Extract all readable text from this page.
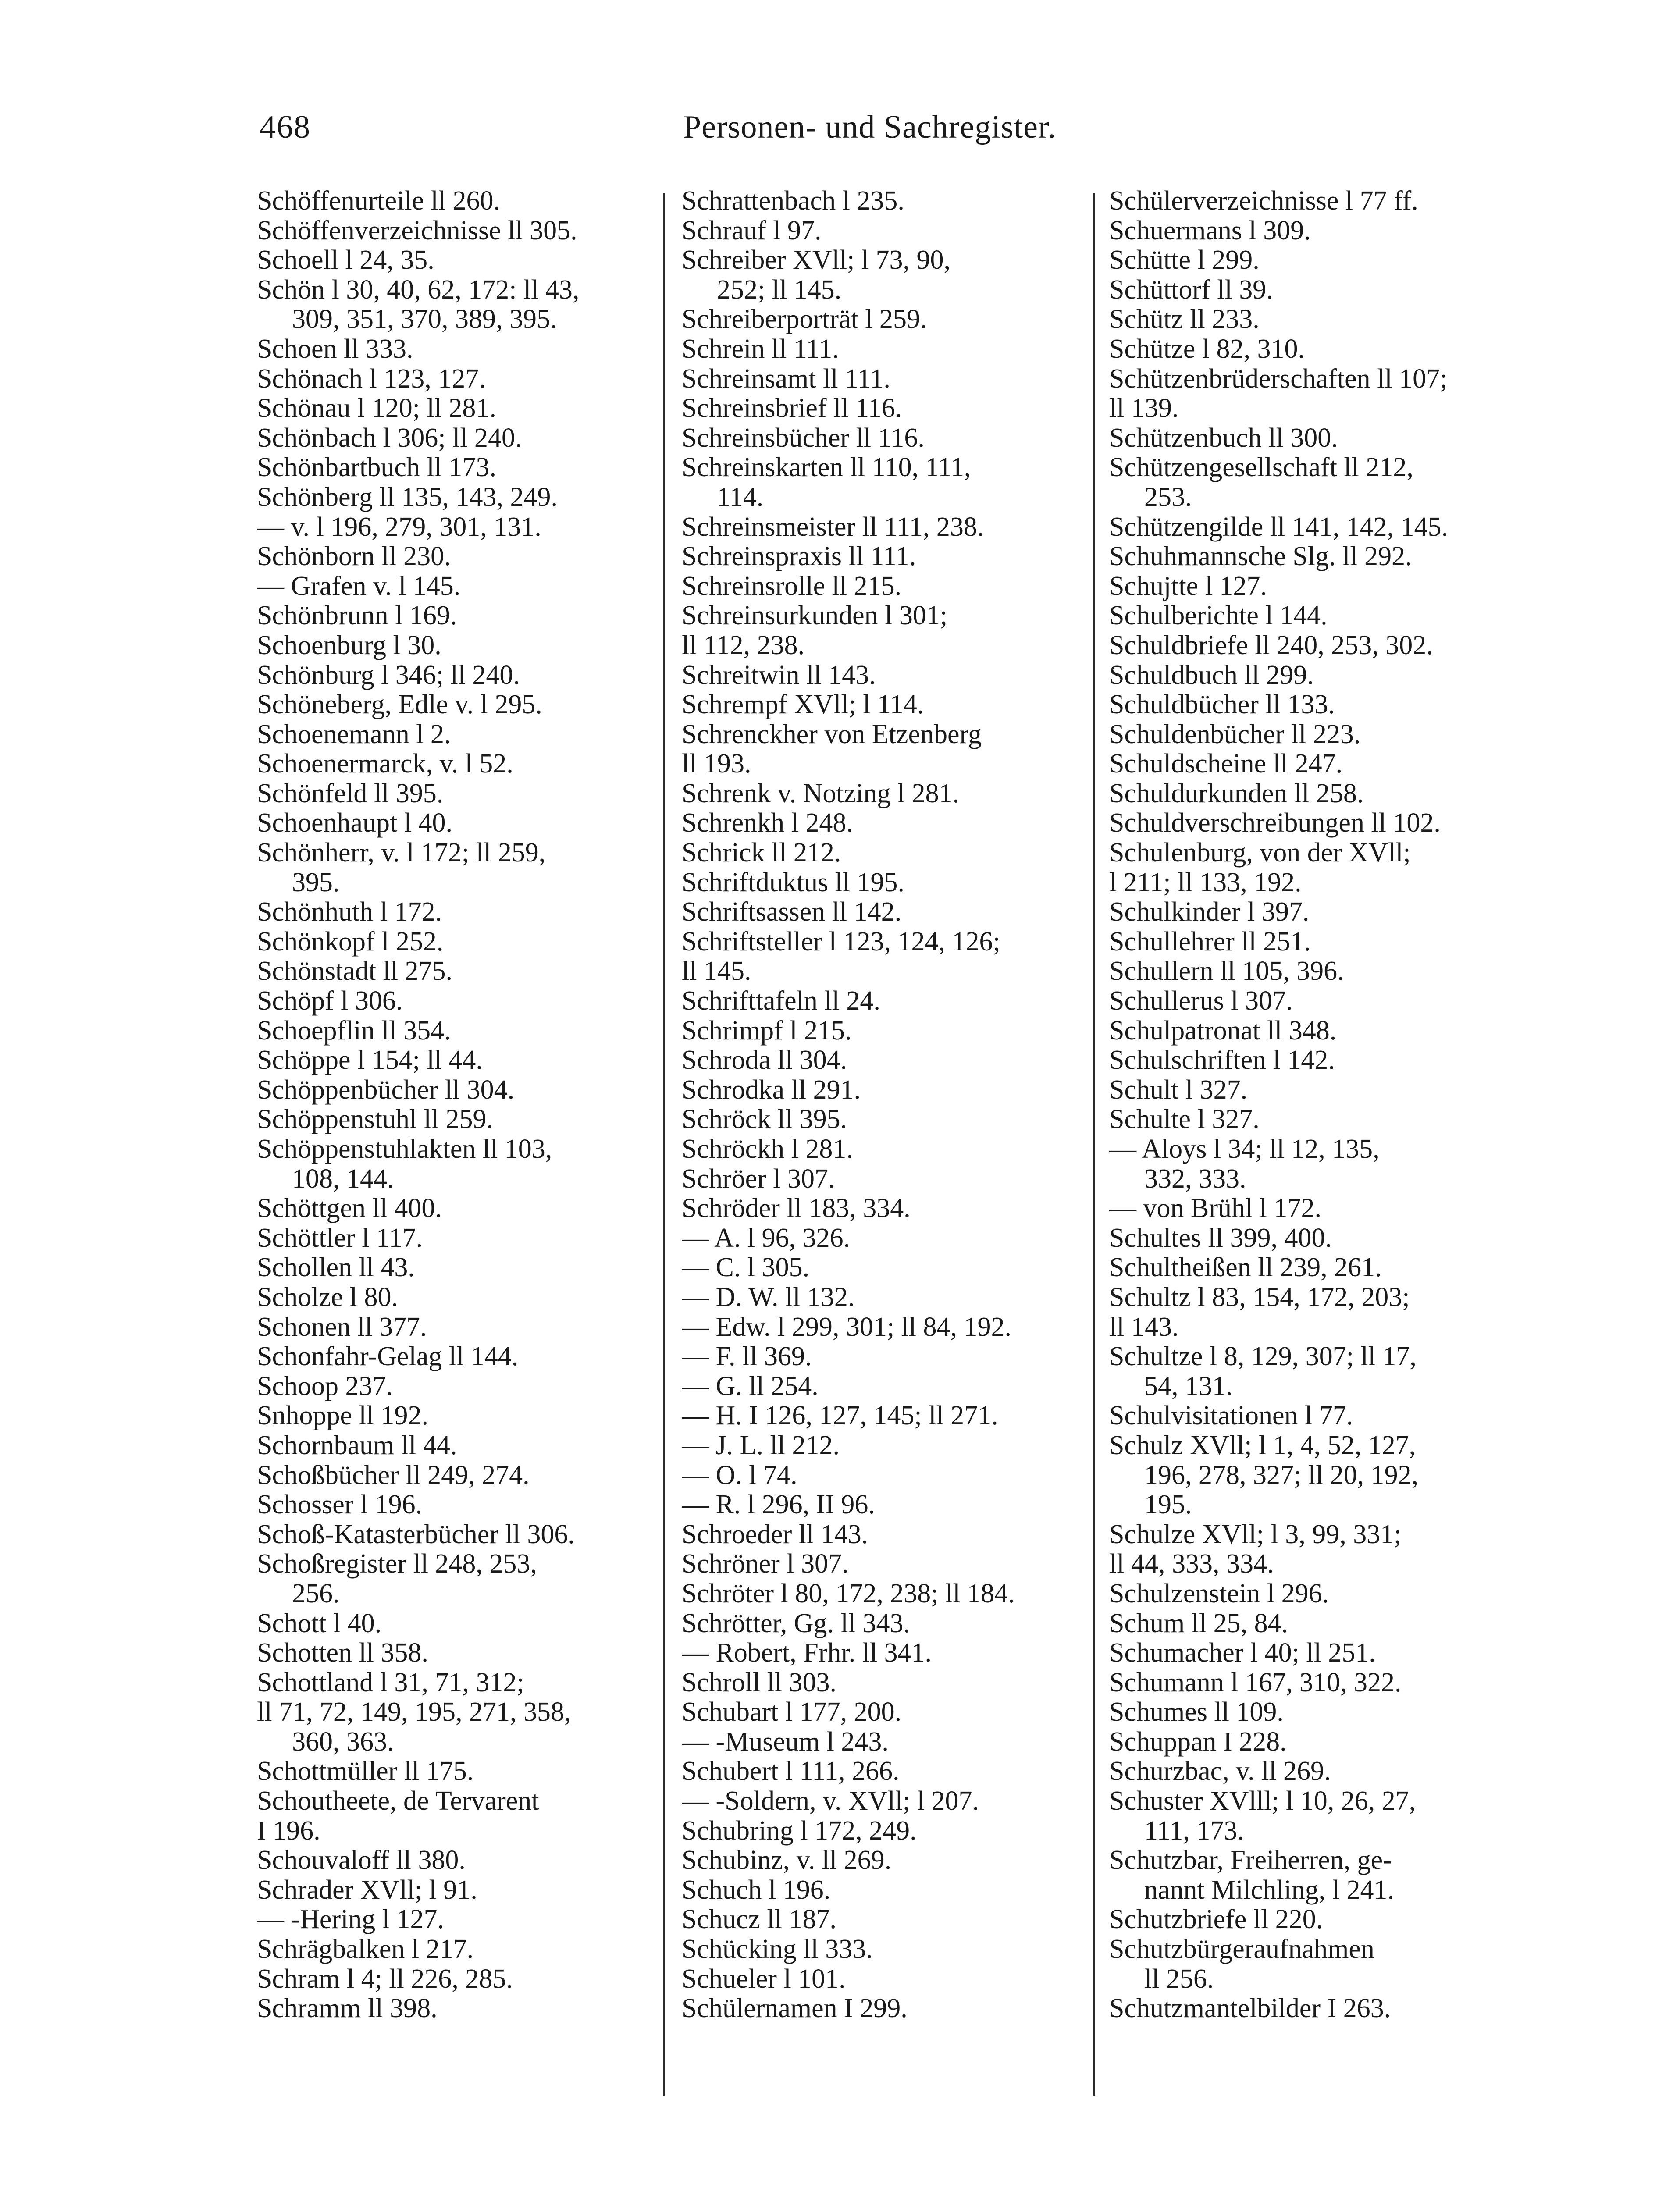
468	Personen- und Sachregister.
Schöffenurteile ll 260.
Schöffenverzeichnisse ll 305.
Schoell l 24, 35.
Schön l 30, 40, 62, 172: ll 43,
309, 351, 370, 389, 395.
Schoen ll 333.
Schönach l 123, 127.
Schönau l 120; ll 281.
Schönbach l 306; ll 240.
Schönbartbuch ll 173.
Schönberg ll 135, 143, 249.
— v. l 196, 279, 301, 131.
Schönborn ll 230.
— Grafen v. l 145.
Schönbrunn l 169.
Schoenburg l 30.
Schönburg l 346; ll 240.
Schöneberg, Edle v. l 295.
Schoenemann l 2.
Schoenermarck, v. l 52.
Schönfeld ll 395.
Schoenhaupt l 40.
Schönherr, v. l 172; ll 259,
395.
Schönhuth l 172.
Schönkopf l 252.
Schönstadt ll 275.
Schöpf l 306.
Schoepflin ll 354.
Schöppe l 154; ll 44.
Schöppenbücher ll 304.
Schöppenstuhl ll 259.
Schöppenstuhlakten ll 103,
108, 144.
Schöttgen ll 400.
Schöttler l 117.
Schollen ll 43.
Scholze l 80.
Schonen ll 377.
Schonfahr-Gelag ll 144.
Schoop 237.
Snhoppe ll 192.
Schornbaum ll 44.
Schoßbücher ll 249, 274.
Schosser l 196.
Schoß-Katasterbücher ll 306.
Schoßregister ll 248, 253,
256.
Schott l 40.
Schotten ll 358.
Schottland l 31, 71, 312;
ll 71, 72, 149, 195, 271, 358,
360, 363.
Schottmüller ll 175.
Schoutheete, de Tervarent
I 196.
Schouvaloff ll 380.
Schrader XVll; l 91.
— -Hering l 127.
Schrägbalken l 217.
Schram l 4; ll 226, 285.
Schramm ll 398.
Schrattenbach l 235.
Schrauf l 97.
Schreiber XVll; l 73, 90,
252; ll 145.
Schreiberporträt l 259.
Schrein ll 111.
Schreinsamt ll 111.
Schreinsbrief ll 116.
Schreinsbücher ll 116.
Schreinskarten ll 110, 111,
114.
Schreinsmeister ll 111, 238.
Schreinspraxis ll 111.
Schreinsrolle ll 215.
Schreinsurkunden l 301;
ll 112, 238.
Schreitwin ll 143.
Schrempf XVll; l 114.
Schrenckher von Etzenberg
ll 193.
Schrenk v. Notzing l 281.
Schrenkh l 248.
Schrick ll 212.
Schriftduktus ll 195.
Schriftsassen ll 142.
Schriftsteller l 123, 124, 126;
ll 145.
Schrifttafeln ll 24.
Schrimpf l 215.
Schroda ll 304.
Schrodka ll 291.
Schröck ll 395.
Schröckh l 281.
Schröer l 307.
Schröder ll 183, 334.
— A. l 96, 326.
— C. l 305.
— D. W. ll 132.
— Edw. l 299, 301; ll 84, 192.
— F. ll 369.
— G. ll 254.
— H. I 126, 127, 145; ll 271.
— J. L. ll 212.
— O. l 74.
— R. l 296, II 96.
Schroeder ll 143.
Schröner l 307.
Schröter l 80, 172, 238; ll 184.
Schrötter, Gg. ll 343.
— Robert, Frhr. ll 341.
Schroll ll 303.
Schubart l 177, 200.
— -Museum l 243.
Schubert l 111, 266.
— -Soldern, v. XVll; l 207.
Schubring l 172, 249.
Schubinz, v. ll 269.
Schuch l 196.
Schucz ll 187.
Schücking ll 333.
Schueler l 101.
Schülernamen I 299.
Schülerverzeichnisse l 77 ff.
Schuermans l 309.
Schütte l 299.
Schüttorf ll 39.
Schütz ll 233.
Schütze l 82, 310.
Schützenbrüderschaften ll 107;
ll 139.
Schützenbuch ll 300.
Schützengesellschaft ll 212,
253.
Schützengilde ll 141, 142, 145.
Schuhmannsche Slg. ll 292.
Schujtte l 127.
Schulberichte l 144.
Schuldbriefe ll 240, 253, 302.
Schuldbuch ll 299.
Schuldbücher ll 133.
Schuldenbücher ll 223.
Schuldscheine ll 247.
Schuldurkunden ll 258.
Schuldverschreibungen ll 102.
Schulenburg, von der XVll;
l 211; ll 133, 192.
Schulkinder l 397.
Schullehrer ll 251.
Schullern ll 105, 396.
Schullerus l 307.
Schulpatronat ll 348.
Schulschriften l 142.
Schult l 327.
Schulte l 327.
— Aloys l 34; ll 12, 135,
332, 333.
— von Brühl l 172.
Schultes ll 399, 400.
Schultheißen ll 239, 261.
Schultz l 83, 154, 172, 203;
ll 143.
Schultze l 8, 129, 307; ll 17,
54, 131.
Schulvisitationen l 77.
Schulz XVll; l 1, 4, 52, 127,
196, 278, 327; ll 20, 192,
195.
Schulze XVll; l 3, 99, 331;
ll 44, 333, 334.
Schulzenstein l 296.
Schum ll 25, 84.
Schumacher l 40; ll 251.
Schumann l 167, 310, 322.
Schumes ll 109.
Schuppan I 228.
Schurzbac, v. ll 269.
Schuster XVlll; l 10, 26, 27,
111, 173.
Schutzbar, Freiherren, ge-
nannt Milchling, l 241.
Schutzbriefe ll 220.
Schutzbürgeraufnahmen
ll 256.
Schutzmantelbilder I 263.
